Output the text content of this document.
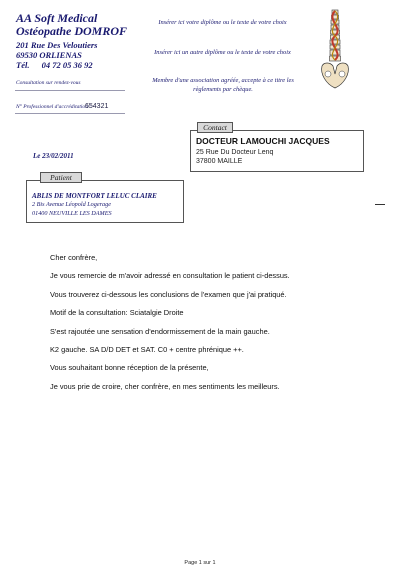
AA Soft Medical
Ostéopathe DOMROF
201 Rue Des Veloutiers
69530 ORLIENAS
Tél. 04 72 05 36 92
Consultation sur rendez-vous
N° Professionnel d'accréditation :
654321
Insérer ici votre diplôme ou le texte de votre choix
Insérer ici un autre diplôme ou le texte de votre choix
Membre d'une association agréée, accepte à ce titre les règlements par chèque.
DOCTEUR LAMOUCHI JACQUES
25 Rue Du Docteur Lenq
37800 MAILLE
Contact
Le 23/02/2011
ABLIS DE MONTFORT LELUC CLAIRE
2 Bis Avenue Léopold Logerage
01400 NEUVILLE LES DAMES
Patient

Cher confrère,

Je vous remercie de m'avoir adressé en consultation le patient ci-dessus.

Vous trouverez ci-dessous les conclusions de l'examen que j'ai pratiqué.

Motif de la consultation: Sciatalgie Droite

S'est rajoutée une sensation d'endormissement de la main gauche.

K2 gauche. SA D/D DET et SAT. C0 + centre phrénique ++.

Vous souhaitant bonne réception de la présente,

Je vous prie de croire, cher confrère, en mes sentiments les meilleurs.

Page 1 sur 1
